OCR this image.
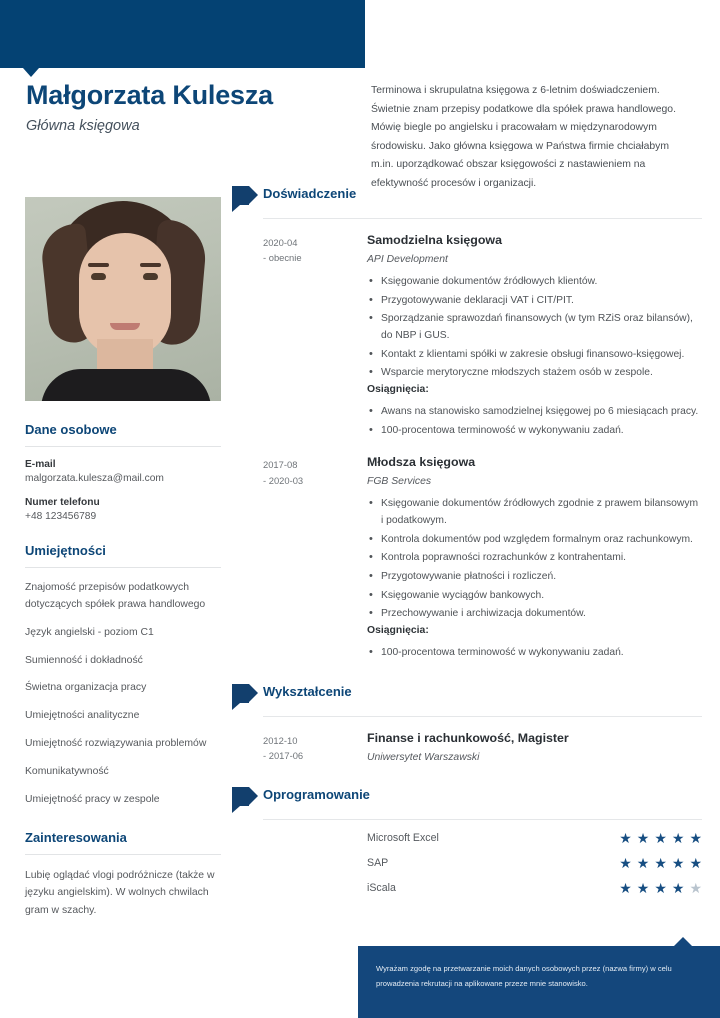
Małgorzata Kulesza
Główna księgowa
Terminowa i skrupulatna księgowa z 6-letnim doświadczeniem. Świetnie znam przepisy podatkowe dla spółek prawa handlowego. Mówię biegle po angielsku i pracowałam w międzynarodowym środowisku. Jako główna księgowa w Państwa firmie chciałabym m.in. uporządkować obszar księgowości z nastawieniem na efektywność procesów i organizacji.
Dane osobowe
E-mail
malgorzata.kulesza@mail.com
Numer telefonu
+48 123456789
Umiejętności
Znajomość przepisów podatkowych dotyczących spółek prawa handlowego
Język angielski - poziom C1
Sumienność i dokładność
Świetna organizacja pracy
Umiejętności analityczne
Umiejętność rozwiązywania problemów
Komunikatywność
Umiejętność pracy w zespole
Zainteresowania
Lubię oglądać vlogi podróżnicze (także w języku angielskim). W wolnych chwilach gram w szachy.
Doświadczenie
2020-04
- obecnie
Samodzielna księgowa
API Development
• Księgowanie dokumentów źródłowych klientów.
• Przygotowywanie deklaracji VAT i CIT/PIT.
• Sporządzanie sprawozdań finansowych (w tym RZiS oraz bilansów), do NBP i GUS.
• Kontakt z klientami spółki w zakresie obsługi finansowo-księgowej.
• Wsparcie merytoryczne młodszych stażem osób w zespole.
Osiągnięcia:
• Awans na stanowisko samodzielnej księgowej po 6 miesiącach pracy.
• 100-procentowa terminowość w wykonywaniu zadań.
2017-08
- 2020-03
Młodsza księgowa
FGB Services
• Księgowanie dokumentów źródłowych zgodnie z prawem bilansowym i podatkowym.
• Kontrola dokumentów pod względem formalnym oraz rachunkowym.
• Kontrola poprawności rozrachunków z kontrahentami.
• Przygotowywanie płatności i rozliczeń.
• Księgowanie wyciągów bankowych.
• Przechowywanie i archiwizacja dokumentów.
Osiągnięcia:
• 100-procentowa terminowość w wykonywaniu zadań.
Wykształcenie
2012-10
- 2017-06
Finanse i rachunkowość, Magister
Uniwersytet Warszawski
Oprogramowanie
Microsoft Excel	★ ★ ★ ★ ★
SAP	★ ★ ★ ★ ★
iScala	★ ★ ★ ★ ★
Wyrażam zgodę na przetwarzanie moich danych osobowych przez (nazwa firmy) w celu prowadzenia rekrutacji na aplikowane przeze mnie stanowisko.
